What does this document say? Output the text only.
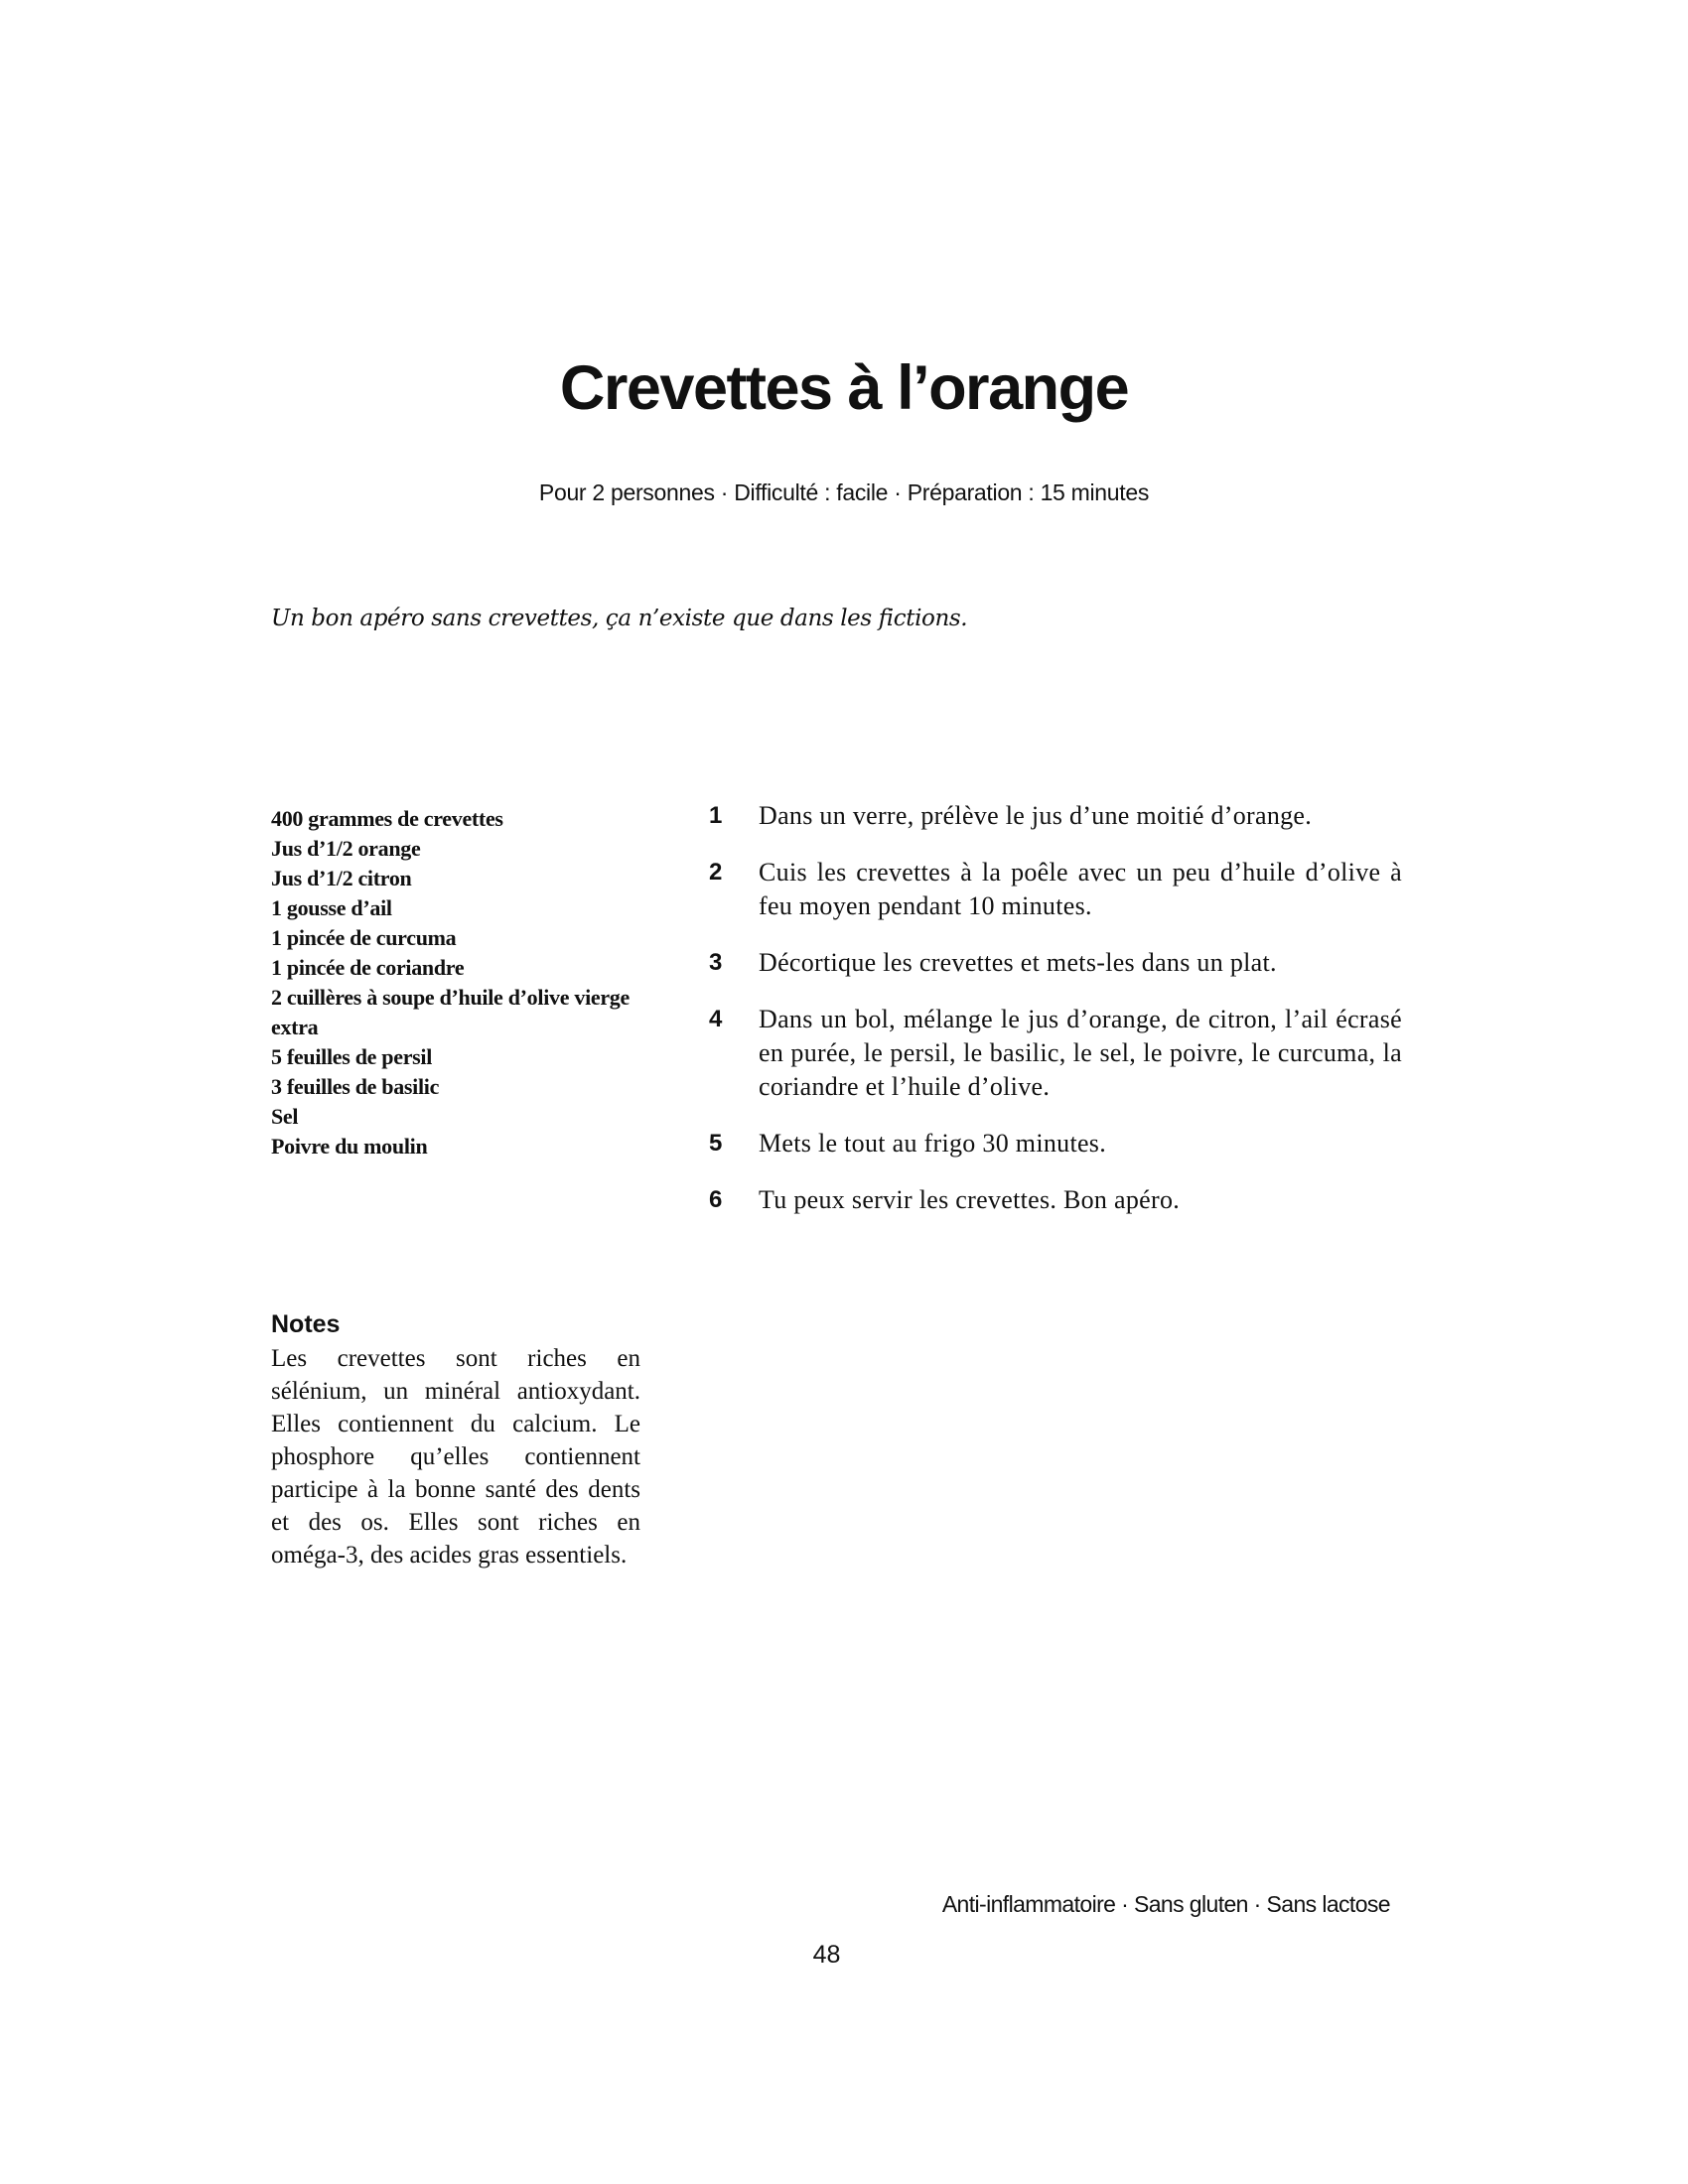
Crevettes à l’orange
Pour 2 personnes · Difficulté : facile · Préparation : 15 minutes
Un bon apéro sans crevettes, ça n’existe que dans les fictions.
400 grammes de crevettes
Jus d’1/2 orange
Jus d’1/2 citron
1 gousse d’ail
1 pincée de curcuma
1 pincée de coriandre
2 cuillères à soupe d’huile d’olive vierge extra
5 feuilles de persil
3 feuilles de basilic
Sel
Poivre du moulin
1 Dans un verre, prélève le jus d’une moitié d’orange.
2 Cuis les crevettes à la poêle avec un peu d’huile d’olive à feu moyen pendant 10 minutes.
3 Décortique les crevettes et mets-les dans un plat.
4 Dans un bol, mélange le jus d’orange, de citron, l’ail écrasé en purée, le persil, le basilic, le sel, le poivre, le curcuma, la coriandre et l’huile d’olive.
5 Mets le tout au frigo 30 minutes.
6 Tu peux servir les crevettes. Bon apéro.
Notes

Les crevettes sont riches en sélénium, un minéral antioxydant. Elles contiennent du calcium. Le phosphore qu’elles contiennent participe à la bonne santé des dents et des os. Elles sont riches en oméga-3, des acides gras essentiels.

Anti-inflammatoire · Sans gluten · Sans lactose
48
